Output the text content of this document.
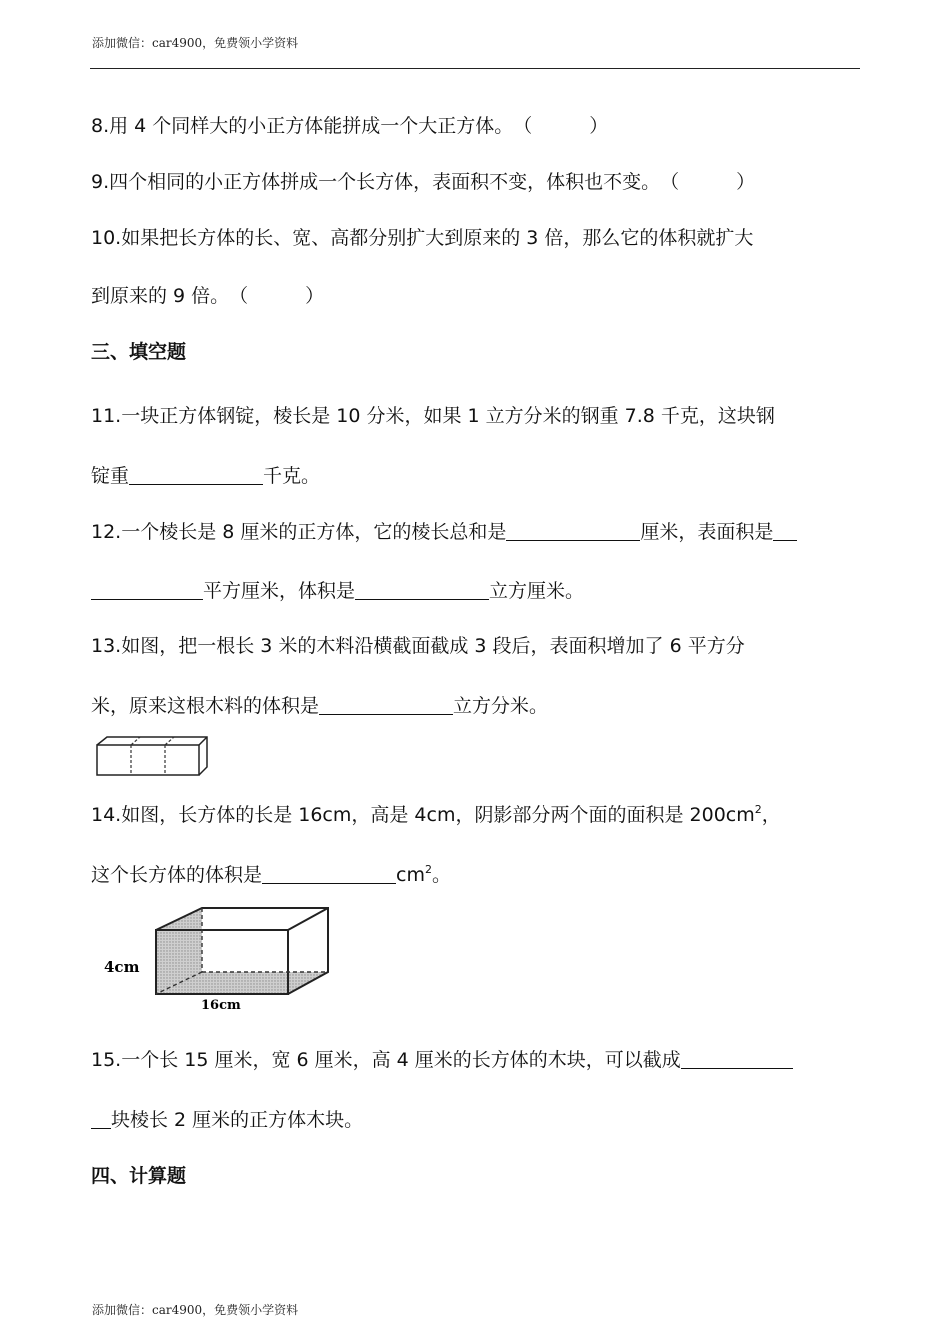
添加微信：car4900，免费领小学资料
8.用 4 个同样大的小正方体能拼成一个大正方体。（　　　）
9.四个相同的小正方体拼成一个长方体，表面积不变，体积也不变。（　　　）
10.如果把长方体的长、宽、高都分别扩大到原来的 3 倍，那么它的体积就扩大
到原来的 9 倍。（　　　）
三、填空题
11.一块正方体钢锭，棱长是 10 分米，如果 1 立方分米的钢重 7.8 千克，这块钢
锭重	千克。
12.一个棱长是 8 厘米的正方体，它的棱长总和是	厘米，表面积是
平方厘米，体积是	立方厘米。
13.如图，把一根长 3 米的木料沿横截面截成 3 段后，表面积增加了 6 平方分
米，原来这根木料的体积是	立方分米。
14.如图，长方体的长是 16cm，高是 4cm，阴影部分两个面的面积是 $200cm^2$，
这个长方体的体积是	$cm^2$。
4cm
16cm
15.一个长 15 厘米，宽 6 厘米，高 4 厘米的长方体的木块，可以截成
块棱长 2 厘米的正方体木块。
四、计算题
添加微信：car4900，免费领小学资料
